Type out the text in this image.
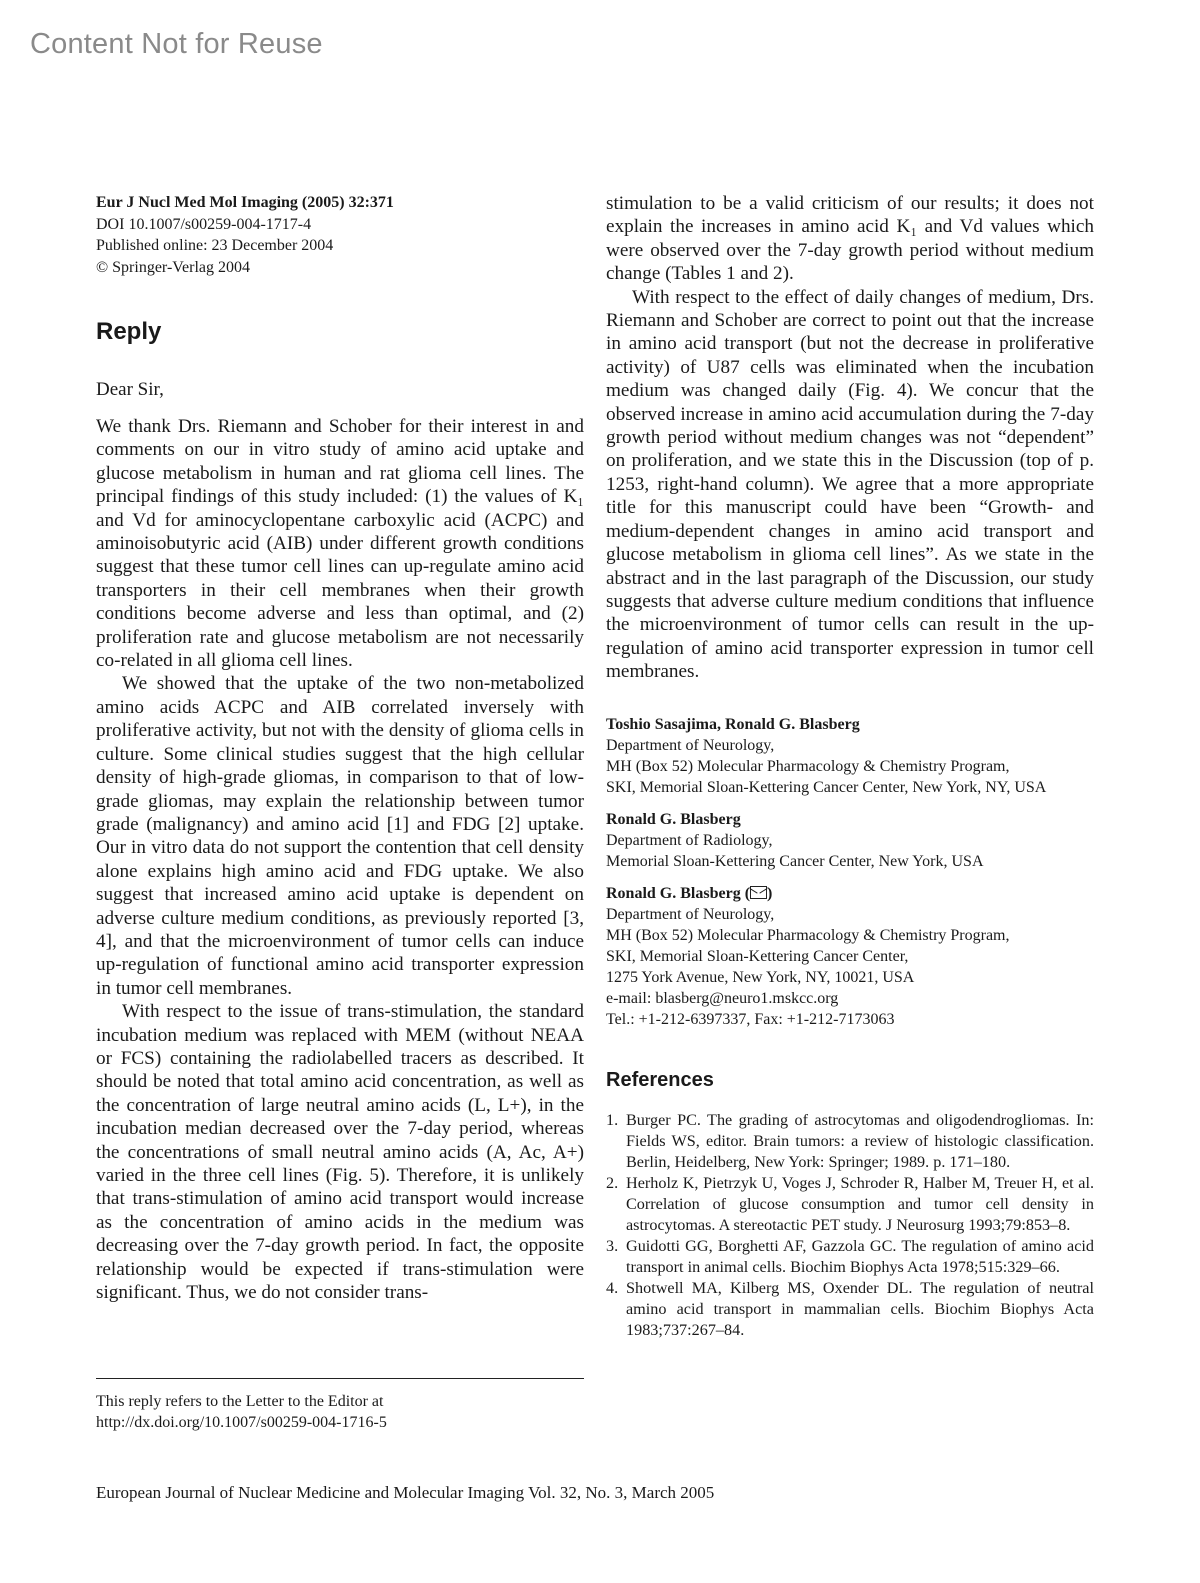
Content Not for Reuse
Eur J Nucl Med Mol Imaging (2005) 32:371
DOI 10.1007/s00259-004-1717-4
Published online: 23 December 2004
© Springer-Verlag 2004
Reply
Dear Sir,

We thank Drs. Riemann and Schober for their interest in and comments on our in vitro study of amino acid uptake and glucose metabolism in human and rat glioma cell lines. The principal findings of this study included: (1) the values of K₁ and Vd for aminocyclopentane carboxylic acid (ACPC) and aminoisobutyric acid (AIB) under different growth conditions suggest that these tumor cell lines can up-regulate amino acid transporters in their cell membranes when their growth conditions become adverse and less than optimal, and (2) proliferation rate and glucose metabolism are not necessarily co-related in all glioma cell lines.

We showed that the uptake of the two non-metabolized amino acids ACPC and AIB correlated inversely with proliferative activity, but not with the density of glioma cells in culture. Some clinical studies suggest that the high cellular density of high-grade gliomas, in comparison to that of low-grade gliomas, may explain the relationship between tumor grade (malignancy) and amino acid [1] and FDG [2] uptake. Our in vitro data do not support the contention that cell density alone explains high amino acid and FDG uptake. We also suggest that increased amino acid uptake is dependent on adverse culture medium conditions, as previously reported [3, 4], and that the microenvironment of tumor cells can induce up-regulation of functional amino acid transporter expression in tumor cell membranes.

With respect to the issue of trans-stimulation, the standard incubation medium was replaced with MEM (without NEAA or FCS) containing the radiolabelled tracers as described. It should be noted that total amino acid concentration, as well as the concentration of large neutral amino acids (L, L+), in the incubation median decreased over the 7-day period, whereas the concentrations of small neutral amino acids (A, Ac, A+) varied in the three cell lines (Fig. 5). Therefore, it is unlikely that trans-stimulation of amino acid transport would increase as the concentration of amino acids in the medium was decreasing over the 7-day growth period. In fact, the opposite relationship would be expected if trans-stimulation were significant. Thus, we do not consider trans-

This reply refers to the Letter to the Editor at
http://dx.doi.org/10.1007/s00259-004-1716-5

stimulation to be a valid criticism of our results; it does not explain the increases in amino acid K₁ and Vd values which were observed over the 7-day growth period without medium change (Tables 1 and 2).

With respect to the effect of daily changes of medium, Drs. Riemann and Schober are correct to point out that the increase in amino acid transport (but not the decrease in proliferative activity) of U87 cells was eliminated when the incubation medium was changed daily (Fig. 4). We concur that the observed increase in amino acid accumulation during the 7-day growth period without medium changes was not “dependent” on proliferation, and we state this in the Discussion (top of p. 1253, right-hand column). We agree that a more appropriate title for this manuscript could have been “Growth- and medium-dependent changes in amino acid transport and glucose metabolism in glioma cell lines”. As we state in the abstract and in the last paragraph of the Discussion, our study suggests that adverse culture medium conditions that influence the microenvironment of tumor cells can result in the up-regulation of amino acid transporter expression in tumor cell membranes.

Toshio Sasajima, Ronald G. Blasberg
Department of Neurology,
MH (Box 52) Molecular Pharmacology & Chemistry Program,
SKI, Memorial Sloan-Kettering Cancer Center, New York, NY, USA
Ronald G. Blasberg
Department of Radiology,
Memorial Sloan-Kettering Cancer Center, New York, USA
Ronald G. Blasberg ( )
Department of Neurology,
MH (Box 52) Molecular Pharmacology & Chemistry Program,
SKI, Memorial Sloan-Kettering Cancer Center,
1275 York Avenue, New York, NY, 10021, USA
e-mail: blasberg@neuro1.mskcc.org
Tel.: +1-212-6397337, Fax: +1-212-7173063
References
1. Burger PC. The grading of astrocytomas and oligodendrogliomas. In: Fields WS, editor. Brain tumors: a review of histologic classification. Berlin, Heidelberg, New York: Springer; 1989. p. 171–180.
2. Herholz K, Pietrzyk U, Voges J, Schroder R, Halber M, Treuer H, et al. Correlation of glucose consumption and tumor cell density in astrocytomas. A stereotactic PET study. J Neurosurg 1993;79:853–8.
3. Guidotti GG, Borghetti AF, Gazzola GC. The regulation of amino acid transport in animal cells. Biochim Biophys Acta 1978;515:329–66.
4. Shotwell MA, Kilberg MS, Oxender DL. The regulation of neutral amino acid transport in mammalian cells. Biochim Biophys Acta 1983;737:267–84.
European Journal of Nuclear Medicine and Molecular Imaging Vol. 32, No. 3, March 2005
